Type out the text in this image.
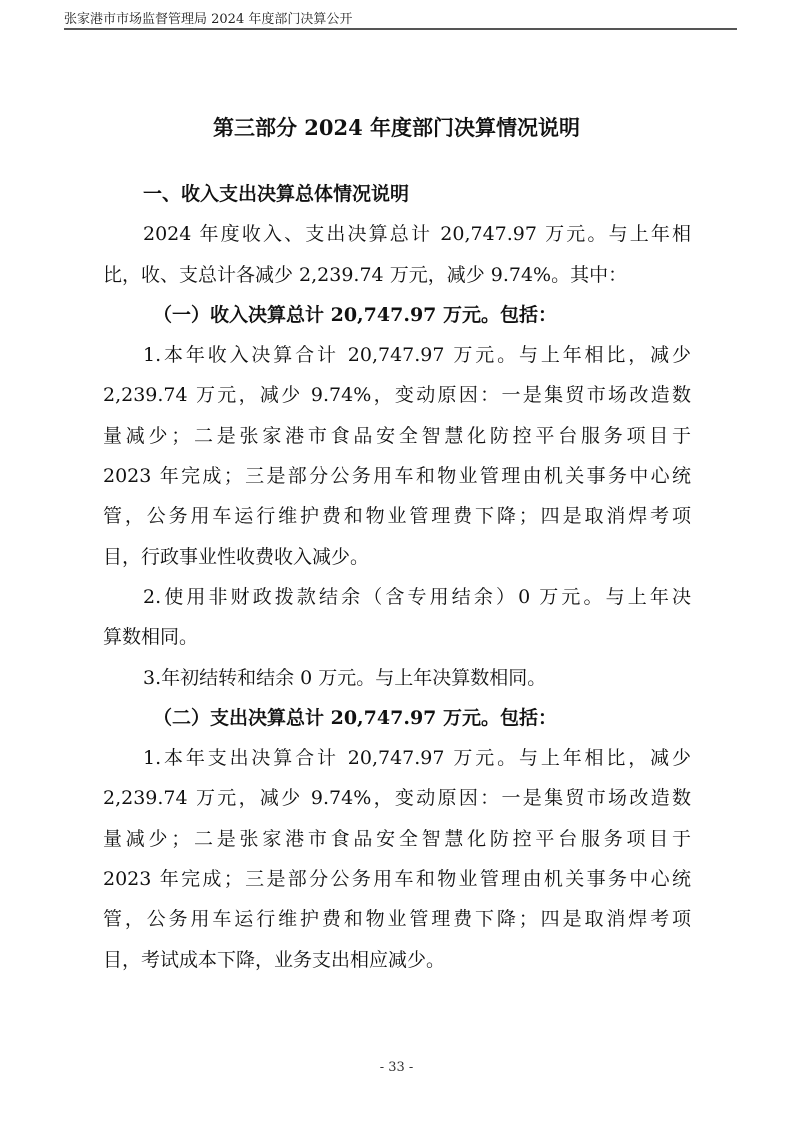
张家港市市场监督管理局 2024 年度部门决算公开
第三部分 2024 年度部门决算情况说明
一、收入支出决算总体情况说明
2024 年度收入、支出决算总计 20,747.97 万元。与上年相
比，收、支总计各减少 2,239.74 万元，减少 9.74%。其中：
（一）收入决算总计 20,747.97 万元。包括：
1.本年收入决算合计 20,747.97 万元。与上年相比，减少
2,239.74 万元，减少 9.74%，变动原因：一是集贸市场改造数
量减少；二是张家港市食品安全智慧化防控平台服务项目于
2023 年完成；三是部分公务用车和物业管理由机关事务中心统
管，公务用车运行维护费和物业管理费下降；四是取消焊考项
目，行政事业性收费收入减少。
2.使用非财政拨款结余（含专用结余）0 万元。与上年决
算数相同。
3.年初结转和结余 0 万元。与上年决算数相同。
（二）支出决算总计 20,747.97 万元。包括：
1.本年支出决算合计 20,747.97 万元。与上年相比，减少
2,239.74 万元，减少 9.74%，变动原因：一是集贸市场改造数
量减少；二是张家港市食品安全智慧化防控平台服务项目于
2023 年完成；三是部分公务用车和物业管理由机关事务中心统
管，公务用车运行维护费和物业管理费下降；四是取消焊考项
目，考试成本下降，业务支出相应减少。
- 33 -
